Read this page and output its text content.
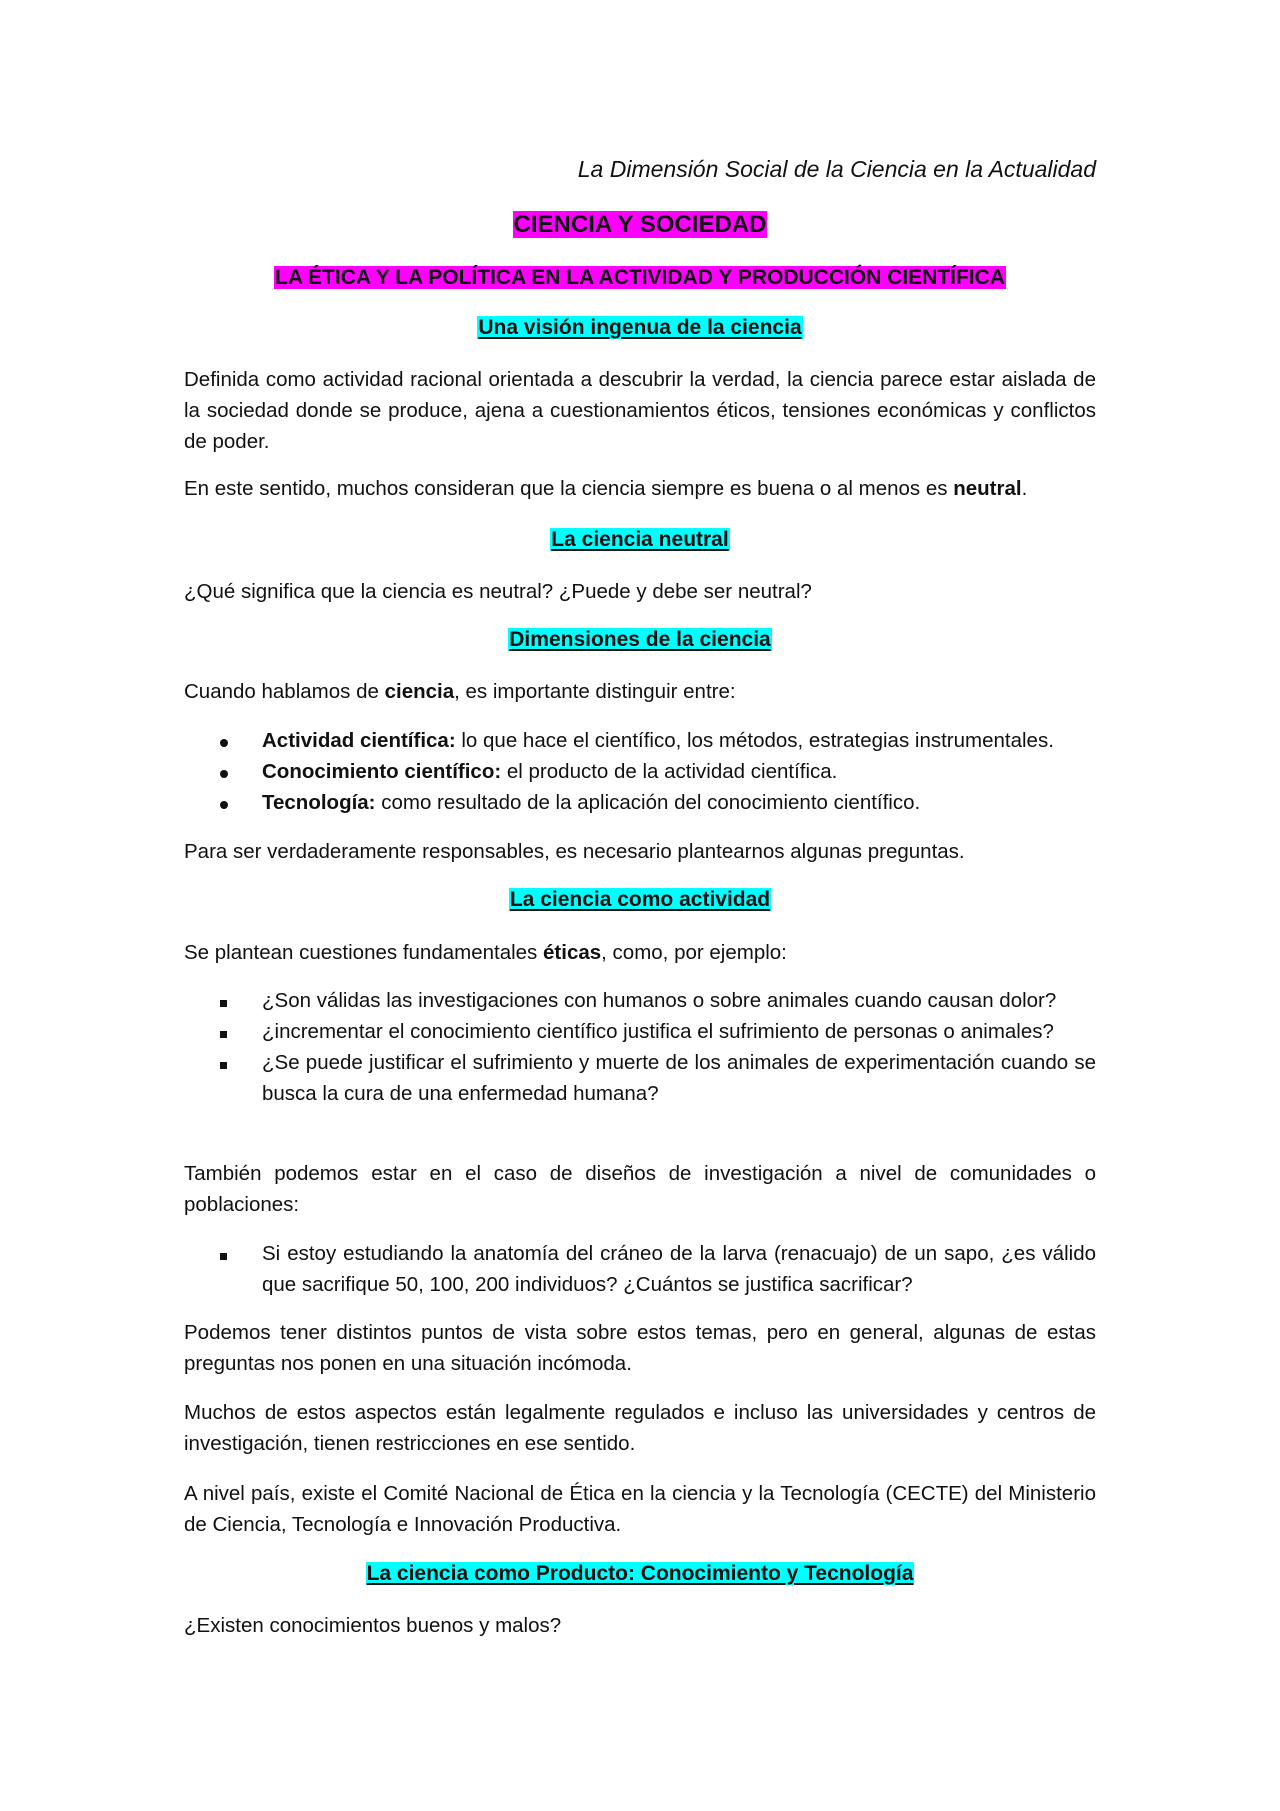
La Dimensión Social de la Ciencia en la Actualidad
CIENCIA Y SOCIEDAD
LA ÉTICA Y LA POLÍTICA EN LA ACTIVIDAD Y PRODUCCIÓN CIENTÍFICA
Una visión ingenua de la ciencia
Definida como actividad racional orientada a descubrir la verdad, la ciencia parece estar aislada de la sociedad donde se produce, ajena a cuestionamientos éticos, tensiones económicas y conflictos de poder.
En este sentido, muchos consideran que la ciencia siempre es buena o al menos es neutral.
La ciencia neutral
¿Qué significa que la ciencia es neutral? ¿Puede y debe ser neutral?
Dimensiones de la ciencia
Cuando hablamos de ciencia, es importante distinguir entre:
Actividad científica: lo que hace el científico, los métodos, estrategias instrumentales.
Conocimiento científico: el producto de la actividad científica.
Tecnología: como resultado de la aplicación del conocimiento científico.
Para ser verdaderamente responsables, es necesario plantearnos algunas preguntas.
La ciencia como actividad
Se plantean cuestiones fundamentales éticas, como, por ejemplo:
¿Son válidas las investigaciones con humanos o sobre animales cuando causan dolor?
¿incrementar el conocimiento científico justifica el sufrimiento de personas o animales?
¿Se puede justificar el sufrimiento y muerte de los animales de experimentación cuando se busca la cura de una enfermedad humana?
También podemos estar en el caso de diseños de investigación a nivel de comunidades o poblaciones:
Si estoy estudiando la anatomía del cráneo de la larva (renacuajo) de un sapo, ¿es válido que sacrifique 50, 100, 200 individuos? ¿Cuántos se justifica sacrificar?
Podemos tener distintos puntos de vista sobre estos temas, pero en general, algunas de estas preguntas nos ponen en una situación incómoda.
Muchos de estos aspectos están legalmente regulados e incluso las universidades y centros de investigación, tienen restricciones en ese sentido.
A nivel país, existe el Comité Nacional de Ética en la ciencia y la Tecnología (CECTE) del Ministerio de Ciencia, Tecnología e Innovación Productiva.
La ciencia como Producto: Conocimiento y Tecnología
¿Existen conocimientos buenos y malos?
